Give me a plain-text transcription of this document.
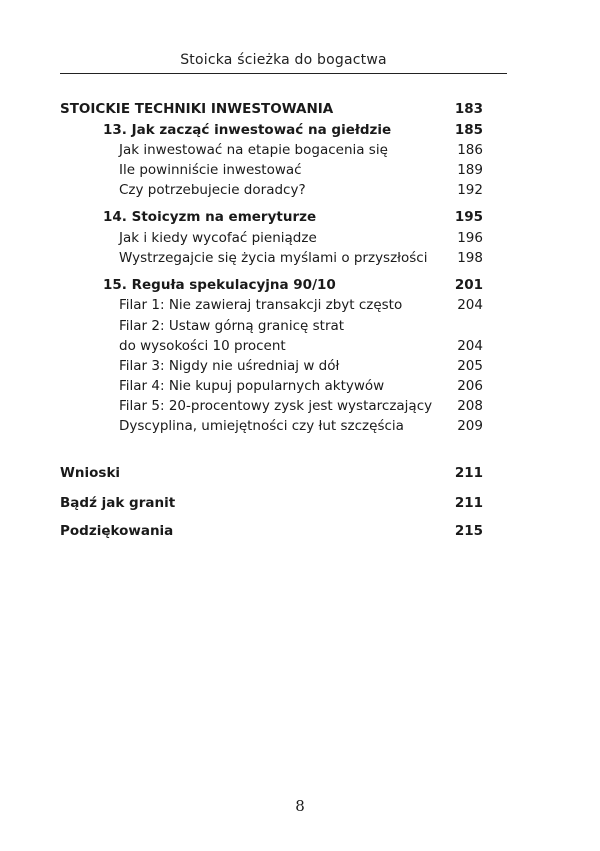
Stoicka ścieżka do bogactwa
STOICKIE TECHNIKI INWESTOWANIA	183
13. Jak zacząć inwestować na giełdzie	185
Jak inwestować na etapie bogacenia się	186
Ile powinniście inwestować	189
Czy potrzebujecie doradcy?	192
14. Stoicyzm na emeryturze	195
Jak i kiedy wycofać pieniądze	196
Wystrzegajcie się życia myślami o przyszłości 198
15. Reguła spekulacyjna 90/10	201
Filar 1: Nie zawieraj transakcji zbyt często	204
Filar 2: Ustaw górną granicę strat
do wysokości 10 procent	204
Filar 3: Nigdy nie uśredniaj w dół	205
Filar 4: Nie kupuj popularnych aktywów	206
Filar 5: 20-procentowy zysk jest wystarczający 208
Dyscyplina, umiejętności czy łut szczęścia	209
Wnioski	211
Bądź jak granit	211
Podziękowania	215
8
